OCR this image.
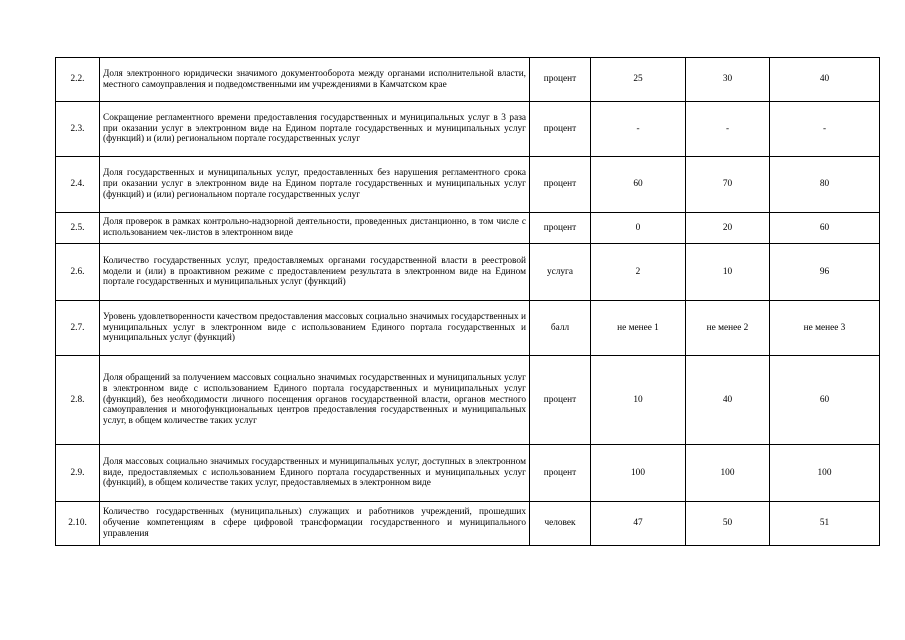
2.2.	Доля электронного юридически значимого документооборота между органами исполнительной власти, местного самоуправления и подведомственными им учреждениями в Камчатском крае	процент	25	30	40
2.3.	Сокращение регламентного времени предоставления государственных и муниципальных услуг в 3 раза при оказании услуг в электронном виде на Едином портале государственных и муниципальных услуг (функций) и (или) региональном портале государственных услуг	процент	-	-	-
2.4.	Доля государственных и муниципальных услуг, предоставленных без нарушения регламентного срока при оказании услуг в электронном виде на Едином портале государственных и муниципальных услуг (функций) и (или) региональном портале государственных услуг	процент	60	70	80
2.5.	Доля проверок в рамках контрольно-надзорной деятельности, проведенных дистанционно, в том числе с использованием чек-листов в электронном виде	процент	0	20	60
2.6.	Количество государственных услуг, предоставляемых органами государственной власти в реестровой модели и (или) в проактивном режиме с предоставлением результата в электронном виде на Едином портале государственных и муниципальных услуг (функций)	услуга	2	10	96
2.7.	Уровень удовлетворенности качеством предоставления массовых социально значимых государственных и муниципальных услуг в электронном виде с использованием Единого портала государственных и муниципальных услуг (функций)	балл	не менее 1	не менее 2	не менее 3
2.8.	Доля обращений за получением массовых социально значимых государственных и муниципальных услуг в электронном виде с использованием Единого портала государственных и муниципальных услуг (функций), без необходимости личного посещения органов государственной власти, органов местного самоуправления и многофункциональных центров предоставления государственных и муниципальных услуг, в общем количестве таких услуг	процент	10	40	60
2.9.	Доля массовых социально значимых государственных и муниципальных услуг, доступных в электронном виде, предоставляемых с использованием Единого портала государственных и муниципальных услуг (функций), в общем количестве таких услуг, предоставляемых в электронном виде	процент	100	100	100
2.10.	Количество государственных (муниципальных) служащих и работников учреждений, прошедших обучение компетенциям в сфере цифровой трансформации государственного и муниципального управления	человек	47	50	51
